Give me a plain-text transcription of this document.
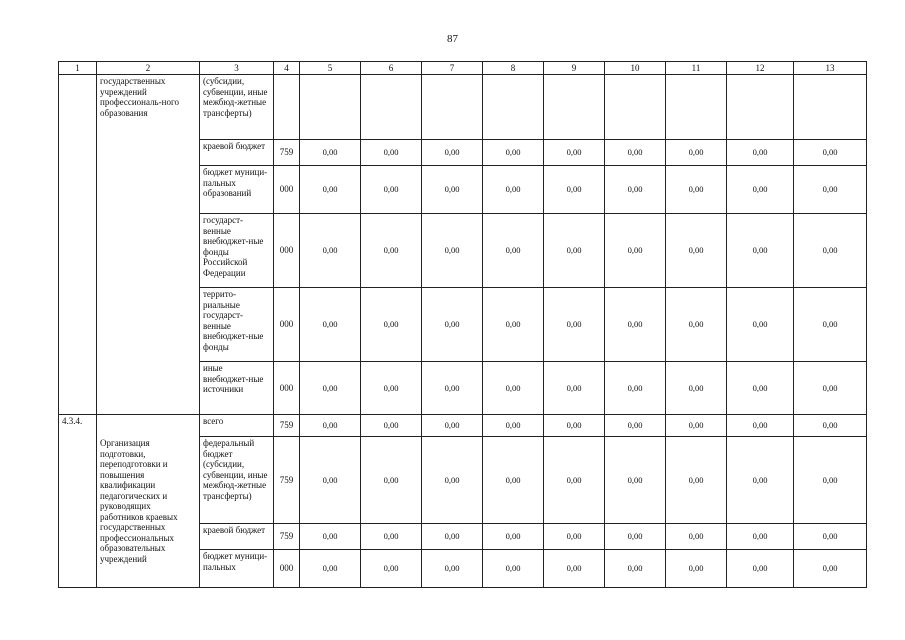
87
1	2	3	4	5	6	7	8	9	10	11	12	13
	государственных учреждений профессиональ-ного образования	(субсидии, субвенции, иные межбюд-жетные трансферты)										
		краевой бюджет	759	0,00	0,00	0,00	0,00	0,00	0,00	0,00	0,00	0,00
		бюджет муници-пальных образований	000	0,00	0,00	0,00	0,00	0,00	0,00	0,00	0,00	0,00
		государст-венные внебюджет-ные фонды Российской Федерации	000	0,00	0,00	0,00	0,00	0,00	0,00	0,00	0,00	0,00
		террито-риальные государст-венные внебюджет-ные фонды	000	0,00	0,00	0,00	0,00	0,00	0,00	0,00	0,00	0,00
		иные внебюджет-ные источники	000	0,00	0,00	0,00	0,00	0,00	0,00	0,00	0,00	0,00
4.3.4.	Организация подготовки, переподготовки и повышения квалификации педагогических и руководящих работников краевых государственных профессиональных образовательных учреждений	всего	759	0,00	0,00	0,00	0,00	0,00	0,00	0,00	0,00	0,00
		федеральный бюджет (субсидии, субвенции, иные межбюд-жетные трансферты)	759	0,00	0,00	0,00	0,00	0,00	0,00	0,00	0,00	0,00
		краевой бюджет	759	0,00	0,00	0,00	0,00	0,00	0,00	0,00	0,00	0,00
		бюджет муници-пальных	000	0,00	0,00	0,00	0,00	0,00	0,00	0,00	0,00	0,00
